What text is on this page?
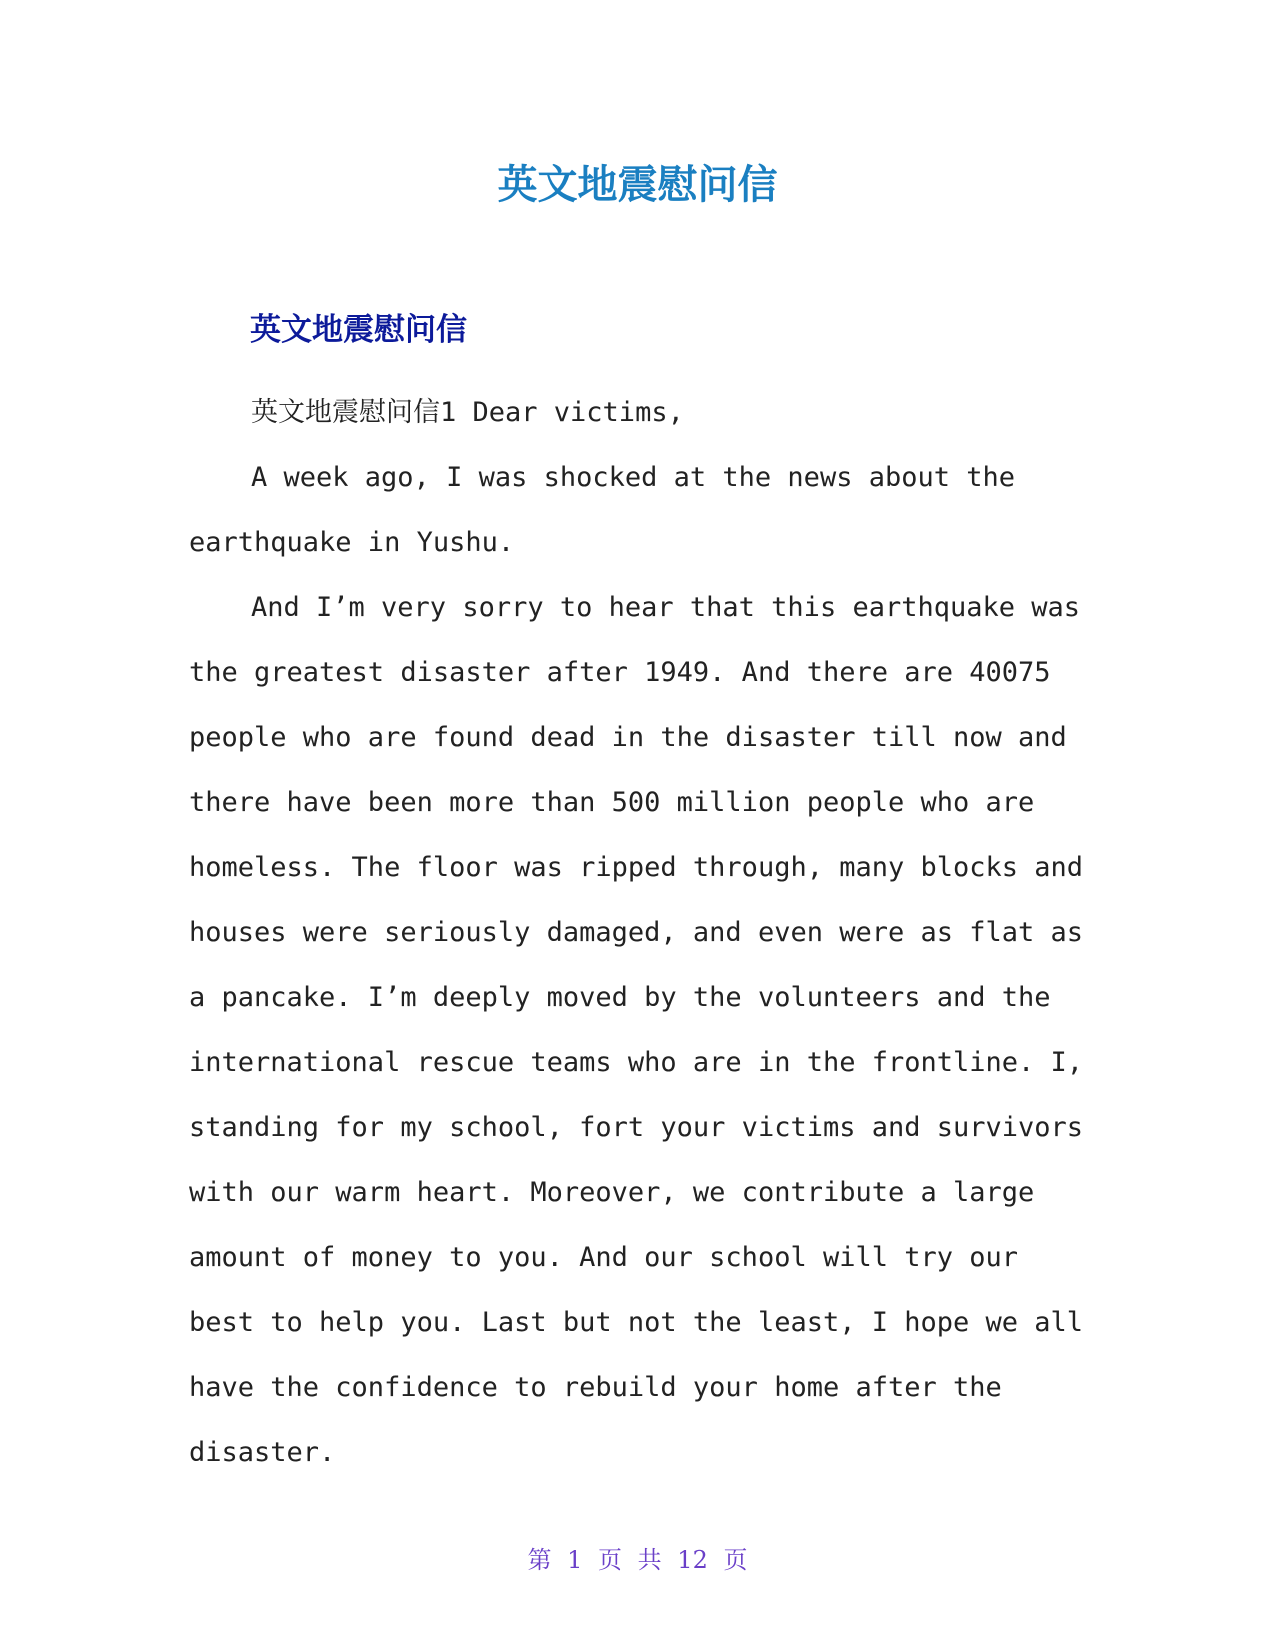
英文地震慰问信
英文地震慰问信

英文地震慰问信1 Dear victims,

A week ago, I was shocked at the news about the earthquake in Yushu.

And I’m very sorry to hear that this earthquake was the greatest disaster after 1949. And there are 40075 people who are found dead in the disaster till now and there have been more than 500 million people who are homeless. The floor was ripped through, many blocks and houses were seriously damaged, and even were as flat as a pancake. I’m deeply moved by the volunteers and the international rescue teams who are in the frontline. I, standing for my school, fort your victims and survivors with our warm heart. Moreover, we contribute a large amount of money to you. And our school will try our best to help you. Last but not the least, I hope we all have the confidence to rebuild your home after the disaster.

第 1 页 共 12 页
